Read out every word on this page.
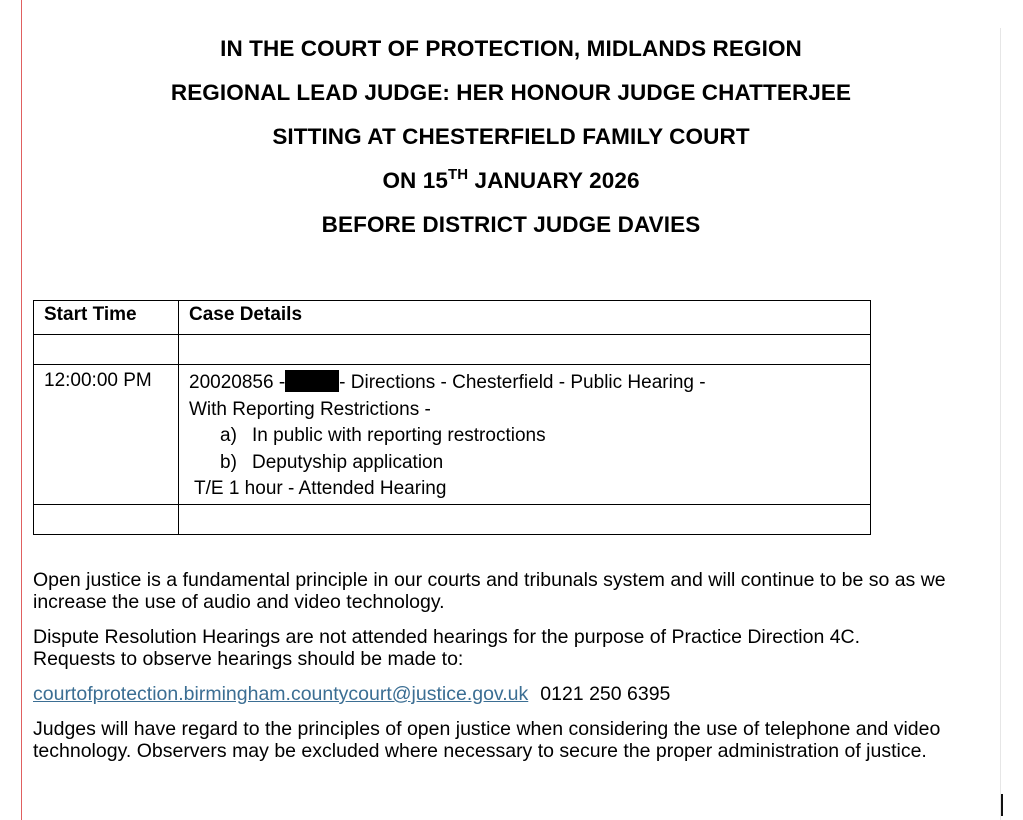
IN THE COURT OF PROTECTION, MIDLANDS REGION
REGIONAL LEAD JUDGE: HER HONOUR JUDGE CHATTERJEE
SITTING AT CHESTERFIELD FAMILY COURT
ON 15TH JANUARY 2026
BEFORE DISTRICT JUDGE DAVIES
Start Time	Case Details

12:00:00 PM	20020856 - - Directions - Chesterfield - Public Hearing -
With Reporting Restrictions -
a) In public with reporting restroctions
b) Deputyship application
T/E 1 hour - Attended Hearing

Open justice is a fundamental principle in our courts and tribunals system and will continue to be so as we increase the use of audio and video technology.

Dispute Resolution Hearings are not attended hearings for the purpose of Practice Direction 4C.
Requests to observe hearings should be made to:

courtofprotection.birmingham.countycourt@justice.gov.uk 0121 250 6395

Judges will have regard to the principles of open justice when considering the use of telephone and video technology. Observers may be excluded where necessary to secure the proper administration of justice.
